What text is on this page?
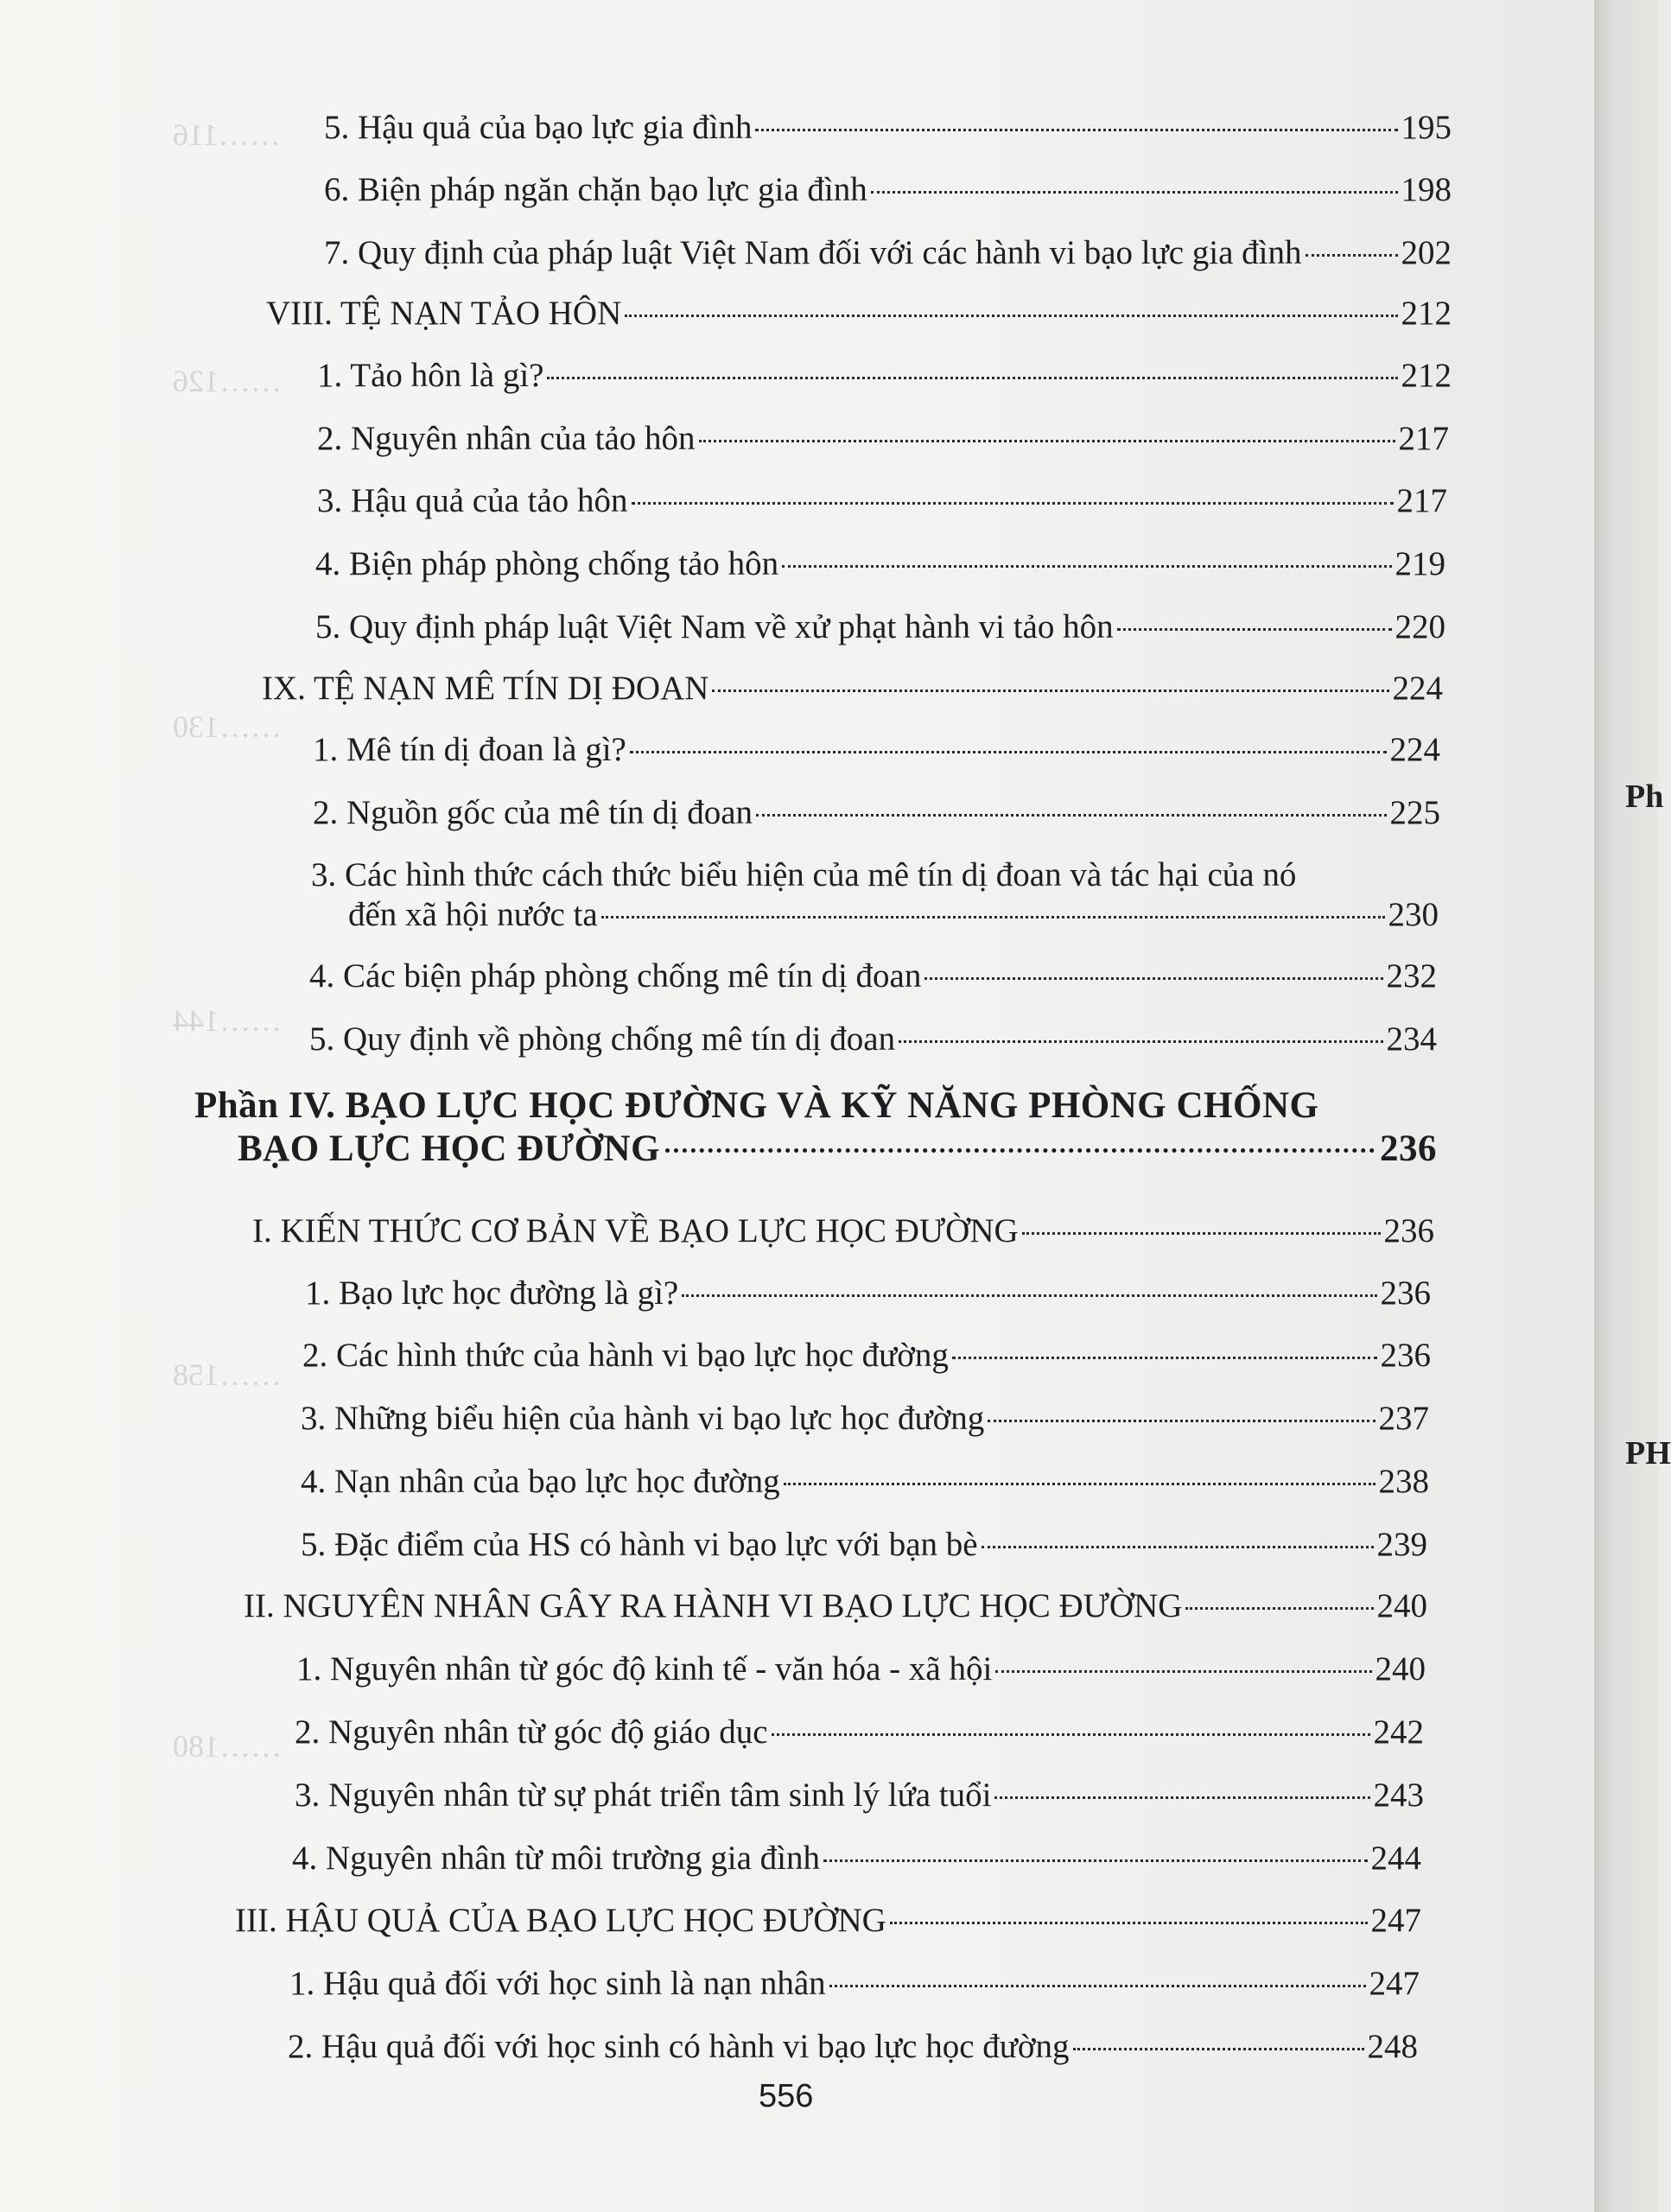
……116
……126
……130
……144
……158
……180
5. Hậu quả của bạo lực gia đình	195
6. Biện pháp ngăn chặn bạo lực gia đình	198
7. Quy định của pháp luật Việt Nam đối với các hành vi bạo lực gia đình	202
VIII. TỆ NẠN TẢO HÔN	212
1. Tảo hôn là gì?	212
2. Nguyên nhân của tảo hôn	217
3. Hậu quả của tảo hôn	217
4. Biện pháp phòng chống tảo hôn	219
5. Quy định pháp luật Việt Nam về xử phạt hành vi tảo hôn	220
IX. TỆ NẠN MÊ TÍN DỊ ĐOAN	224
1. Mê tín dị đoan là gì?	224
2. Nguồn gốc của mê tín dị đoan	225
3. Các hình thức cách thức biểu hiện của mê tín dị đoan và tác hại của nó
đến xã hội nước ta	230
4. Các biện pháp phòng chống mê tín dị đoan	232
5. Quy định về phòng chống mê tín dị đoan	234
Phần IV. BẠO LỰC HỌC ĐƯỜNG VÀ KỸ NĂNG PHÒNG CHỐNG
BẠO LỰC HỌC ĐƯỜNG	236
I. KIẾN THỨC CƠ BẢN VỀ BẠO LỰC HỌC ĐƯỜNG	236
1. Bạo lực học đường là gì?	236
2. Các hình thức của hành vi bạo lực học đường	236
3. Những biểu hiện của hành vi bạo lực học đường	237
4. Nạn nhân của bạo lực học đường	238
5. Đặc điểm của HS có hành vi bạo lực với bạn bè	239
II. NGUYÊN NHÂN GÂY RA HÀNH VI BẠO LỰC HỌC ĐƯỜNG	240
1. Nguyên nhân từ góc độ kinh tế - văn hóa - xã hội	240
2. Nguyên nhân từ góc độ giáo dục	242
3. Nguyên nhân từ sự phát triển tâm sinh lý lứa tuổi	243
4. Nguyên nhân từ môi trường gia đình	244
III. HẬU QUẢ CỦA BẠO LỰC HỌC ĐƯỜNG	247
1. Hậu quả đối với học sinh là nạn nhân	247
2. Hậu quả đối với học sinh có hành vi bạo lực học đường	248
556
Ph
PH
